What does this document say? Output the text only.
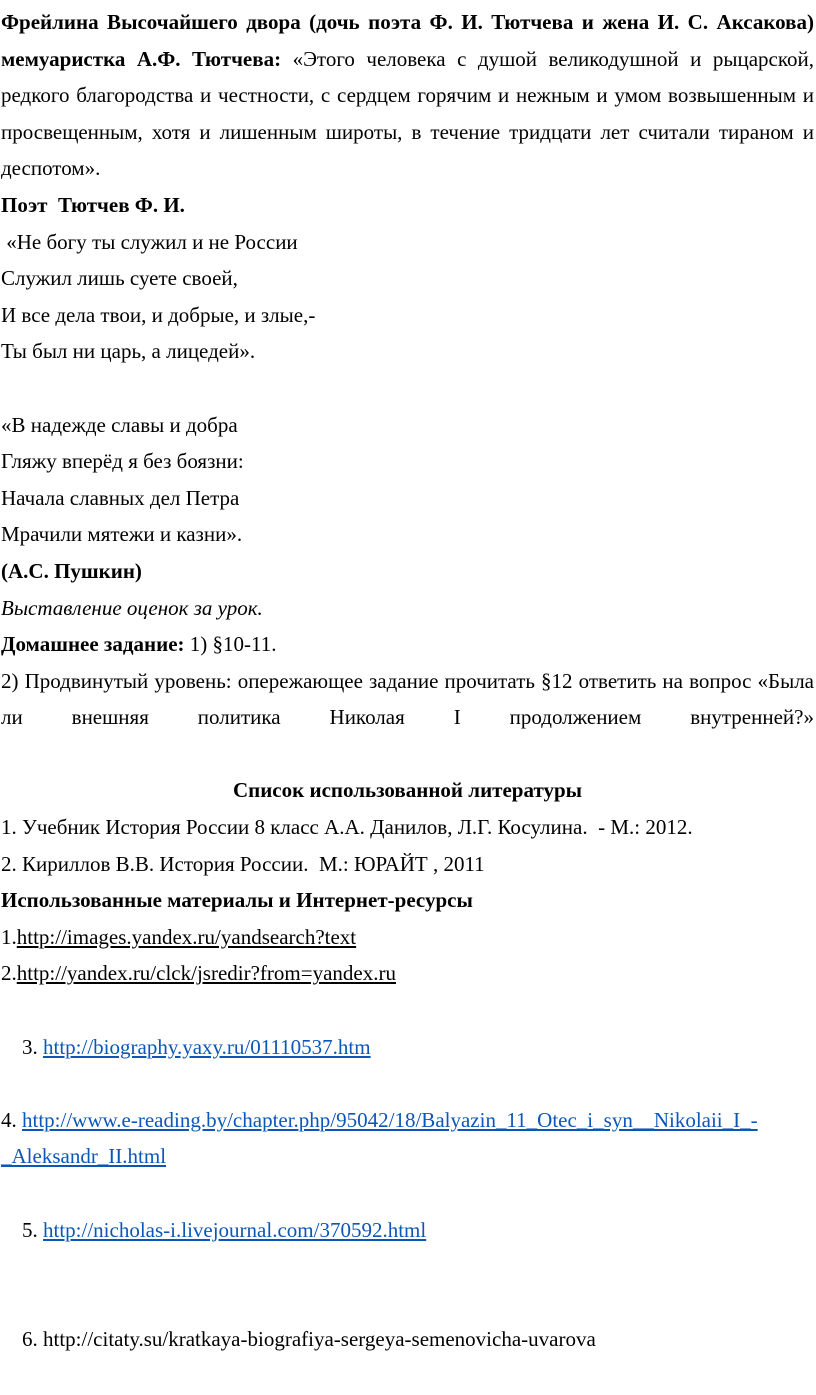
Фрейлина Высочайшего двора (дочь поэта Ф. И. Тютчева и жена И. С. Аксакова) мемуаристка А.Ф. Тютчева: «Этого человека с душой великодушной и рыцарской, редкого благородства и честности, с сердцем горячим и нежным и умом возвышенным и просвещенным, хотя и лишенным широты, в течение тридцати лет считали тираном и деспотом».
Поэт  Тютчев Ф. И.
«Не богу ты служил и не России
Служил лишь суете своей,
И все дела твои, и добрые, и злые,-
Ты был ни царь, а лицедей».
«В надежде славы и добра
Гляжу вперёд я без боязни:
Начала славных дел Петра
Мрачили мятежи и казни».
(А.С. Пушкин)
Выставление оценок за урок.
Домашнее задание: 1) §10-11.
2) Продвинутый уровень: опережающее задание прочитать §12 ответить на вопрос «Была ли внешняя политика Николая I продолжением внутренней?»
Список использованной литературы
1. Учебник История России 8 класс А.А. Данилов, Л.Г. Косулина.  - М.: 2012.
2. Кириллов В.В. История России.  М.: ЮРАЙТ , 2011
Использованные материалы и Интернет-ресурсы
1.http://images.yandex.ru/yandsearch?text
2.http://yandex.ru/clck/jsredir?from=yandex.ru

3. http://biography.yaxy.ru/01110537.htm

4. http://www.e-reading.by/chapter.php/95042/18/Balyazin_11_Otec_i_syn__Nikolaii_I_-_Aleksandr_II.html

5. http://nicholas-i.livejournal.com/370592.html

6. http://citaty.su/kratkaya-biografiya-sergeya-semenovicha-uvarova
